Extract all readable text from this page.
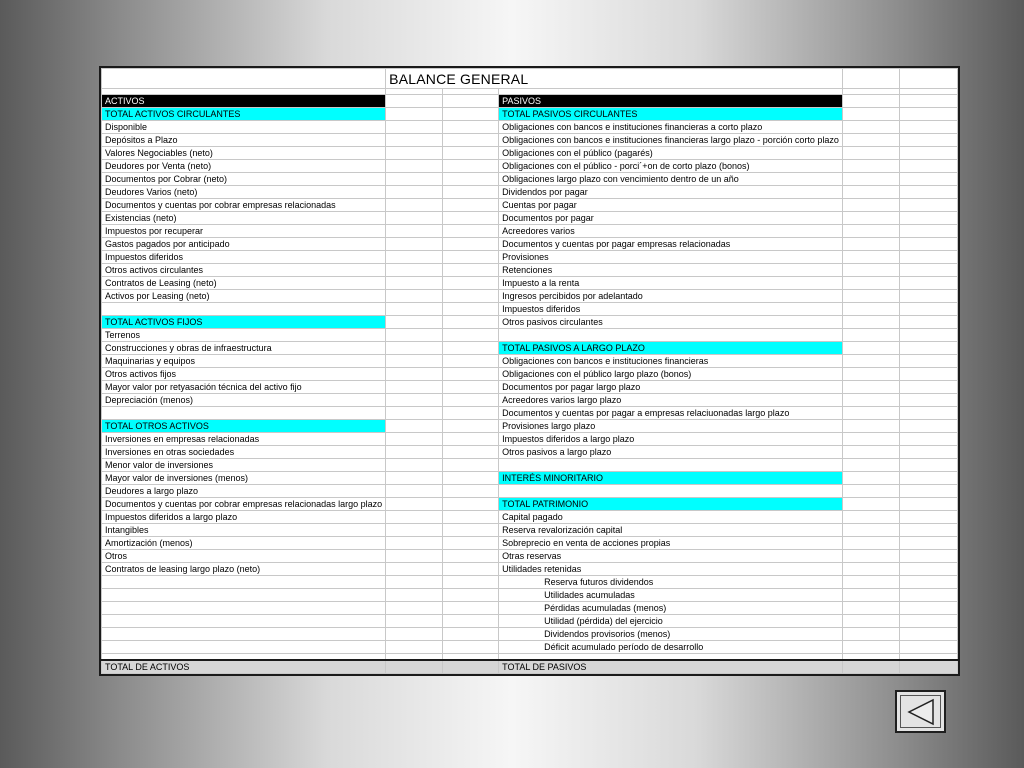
	BALANCE GENERAL				

ACTIVOS			PASIVOS		
TOTAL ACTIVOS CIRCULANTES			TOTAL PASIVOS CIRCULANTES		
Disponible			Obligaciones con bancos e instituciones financieras a corto plazo		
Depósitos a Plazo			Obligaciones con bancos e instituciones financieras largo plazo - porción corto plazo		
Valores Negociables (neto)			Obligaciones con el público (pagarés)		
Deudores por Venta (neto)			Obligaciones con el público - porci´+on de corto plazo (bonos)		
Documentos por Cobrar (neto)			Obligaciones largo plazo con vencimiento dentro de un año		
Deudores Varios (neto)			Dividendos por pagar		
Documentos y cuentas por cobrar empresas relacionadas			Cuentas por pagar		
Existencias (neto)			Documentos por pagar		
Impuestos por recuperar			Acreedores varios		
Gastos pagados por anticipado			Documentos y cuentas por pagar empresas relacionadas		
Impuestos diferidos			Provisiones		
Otros activos circulantes			Retenciones		
Contratos de Leasing (neto)			Impuesto a la renta		
Activos por Leasing (neto)			Ingresos percibidos por adelantado		
			Impuestos diferidos		
TOTAL ACTIVOS FIJOS			Otros pasivos circulantes		
Terrenos					
Construcciones y obras de infraestructura			TOTAL PASIVOS A LARGO PLAZO		
Maquinarias y equipos			Obligaciones con bancos e instituciones financieras		
Otros activos fijos			Obligaciones con el público largo plazo (bonos)		
Mayor valor por retyasación técnica del activo fijo			Documentos por pagar largo plazo		
Depreciación (menos)			Acreedores varios largo plazo		
			Documentos y cuentas por pagar a empresas relaciuonadas largo plazo		
TOTAL OTROS ACTIVOS			Provisiones largo plazo		
Inversiones en empresas relacionadas			Impuestos diferidos a largo plazo		
Inversiones en otras sociedades			Otros pasivos a largo plazo		
Menor valor de inversiones					
Mayor valor de inversiones (menos)			INTERÉS MINORITARIO		
Deudores a largo plazo					
Documentos y cuentas por cobrar empresas relacionadas largo plazo			TOTAL PATRIMONIO		
Impuestos diferidos a largo plazo			Capital pagado		
Intangibles			Reserva revalorización capital		
Amortización (menos)			Sobreprecio en venta de acciones propias		
Otros			Otras reservas		
Contratos de leasing largo plazo (neto)			Utilidades retenidas		
			Reserva futuros dividendos		
			Utilidades acumuladas		
			Pérdidas acumuladas (menos)		
			Utilidad (pérdida) del ejercicio		
			Dividendos provisorios (menos)		
			Déficit acumulado período de desarrollo		

TOTAL DE ACTIVOS			TOTAL DE PASIVOS		
